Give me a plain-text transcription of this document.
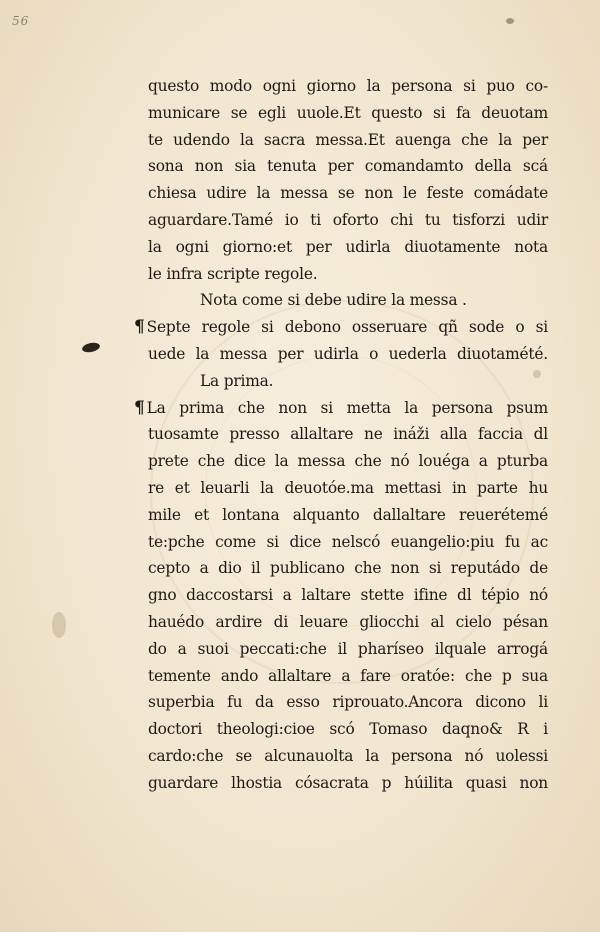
56
questo modo ogni giorno la persona si puo co-
municare se egli uuole.Et questo si fa deuotam
te udendo la sacra messa.Et auenga che la per
sona non sia tenuta per comandamto della scá
chiesa udire la messa se non le feste comádate
aguardare.Tamé io ti oforto chi tu tisforzi udir
la ogni giorno:et per udirla diuotamente nota
le infra scripte regole.
Nota come si debe udire la messa .
¶ Septe regole si debono osseruare qñ sode o si
uede la messa per udirla o uederla diuotamété.
La prima.
¶ La prima che non si metta la persona psum
tuosamte presso allaltare ne ináži alla faccia dl
prete che dice la messa che nó louéga a pturba
re et leuarli la deuotóe.ma mettasi in parte hu
mile et lontana alquanto dallaltare reuerétemé
te:pche come si dice nelscó euangelio:piu fu ac
cepto a dio il publicano che non si reputádo de
gno daccostarsi a laltare stette ifine dl tépio nó
hauédo ardire di leuare gliocchi al cielo pésan
do a suoi peccati:che il pharíseo ilquale arrogá
temente ando allaltare a fare oratóe: che p sua
superbia fu da esso riprouato.Ancora dicono li
doctori theologi:cioe scó Tomaso daqno& R i
cardo:che se alcunauolta la persona nó uolessi
guardare lhostia cósacrata p húilita quasi non
